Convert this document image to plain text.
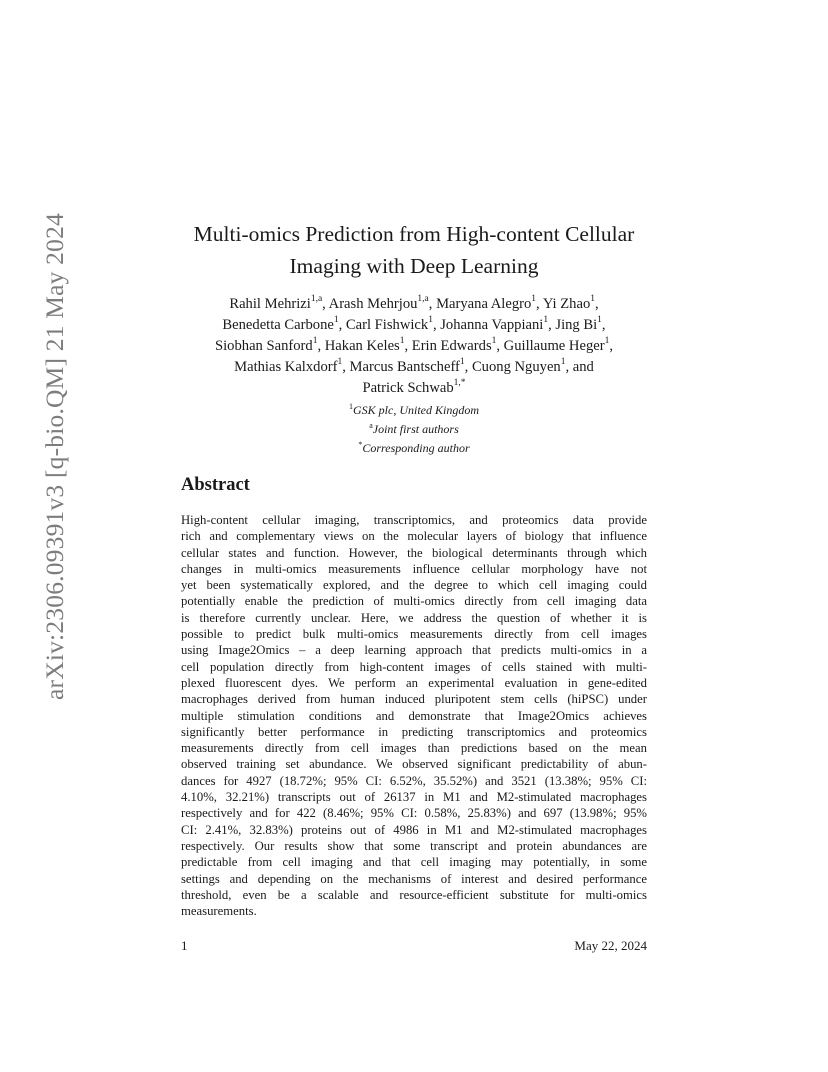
arXiv:2306.09391v3 [q-bio.QM] 21 May 2024	Multi-omics Prediction from High-content Cellular
Imaging with Deep Learning
Rahil Mehrizi$^{1,a}$, Arash Mehrjou$^{1,a}$, Maryana Alegro$^1$, Yi Zhao$^1$,
Benedetta Carbone$^1$, Carl Fishwick$^1$, Johanna Vappiani$^1$, Jing Bi$^1$,
Siobhan Sanford$^1$, Hakan Keles$^1$, Erin Edwards$^1$, Guillaume Heger$^1$,
Mathias Kalxdorf$^1$, Marcus Bantscheff$^1$, Cuong Nguyen$^1$, and
Patrick Schwab$^{1,*}$
$^1$GSK plc, United Kingdom
$^a$Joint first authors
*Corresponding author
Abstract
High-content cellular imaging, transcriptomics, and proteomics data provide
rich and complementary views on the molecular layers of biology that influence
cellular states and function. However, the biological determinants through which
changes in multi-omics measurements influence cellular morphology have not
yet been systematically explored, and the degree to which cell imaging could
potentially enable the prediction of multi-omics directly from cell imaging data
is therefore currently unclear. Here, we address the question of whether it is
possible to predict bulk multi-omics measurements directly from cell images
using Image2Omics – a deep learning approach that predicts multi-omics in a
cell population directly from high-content images of cells stained with multi-
plexed fluorescent dyes. We perform an experimental evaluation in gene-edited
macrophages derived from human induced pluripotent stem cells (hiPSC) under
multiple stimulation conditions and demonstrate that Image2Omics achieves
significantly better performance in predicting transcriptomics and proteomics
measurements directly from cell images than predictions based on the mean
observed training set abundance. We observed significant predictability of abun-
dances for 4927 (18.72%; 95% CI: 6.52%, 35.52%) and 3521 (13.38%; 95% CI:
4.10%, 32.21%) transcripts out of 26137 in M1 and M2-stimulated macrophages
respectively and for 422 (8.46%; 95% CI: 0.58%, 25.83%) and 697 (13.98%; 95%
CI: 2.41%, 32.83%) proteins out of 4986 in M1 and M2-stimulated macrophages
respectively. Our results show that some transcript and protein abundances are
predictable from cell imaging and that cell imaging may potentially, in some
settings and depending on the mechanisms of interest and desired performance
threshold, even be a scalable and resource-efficient substitute for multi-omics
measurements.
1	May 22, 2024
